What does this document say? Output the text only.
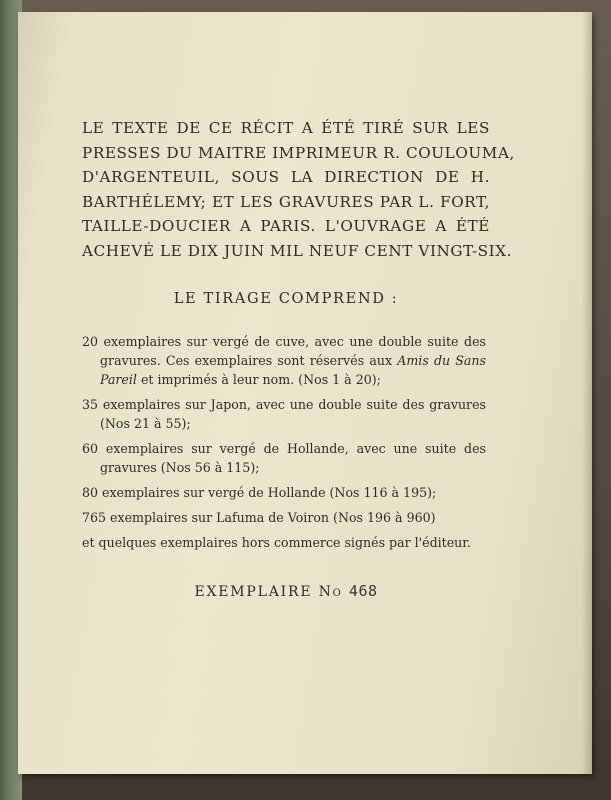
LE TEXTE DE CE RÉCIT A ÉTÉ TIRÉ SUR LES
PRESSES DU MAITRE IMPRIMEUR R. COULOUMA,
D'ARGENTEUIL, SOUS LA DIRECTION DE H.
BARTHÉLEMY; ET LES GRAVURES PAR L. FORT,
TAILLE-DOUCIER A PARIS. L'OUVRAGE A ÉTÉ
ACHEVÉ LE DIX JUIN MIL NEUF CENT VINGT-SIX.
LE TIRAGE COMPREND :
20 exemplaires sur vergé de cuve, avec une double suite des gravures. Ces exemplaires sont réservés aux Amis du Sans Pareil et imprimés à leur nom. (Nos 1 à 20);
35 exemplaires sur Japon, avec une double suite des gravures (Nos 21 à 55);
60 exemplaires sur vergé de Hollande, avec une suite des gravures (Nos 56 à 115);
80 exemplaires sur vergé de Hollande (Nos 116 à 195);
765 exemplaires sur Lafuma de Voiron (Nos 196 à 960)
et quelques exemplaires hors commerce signés par l'éditeur.
EXEMPLAIRE No 468
